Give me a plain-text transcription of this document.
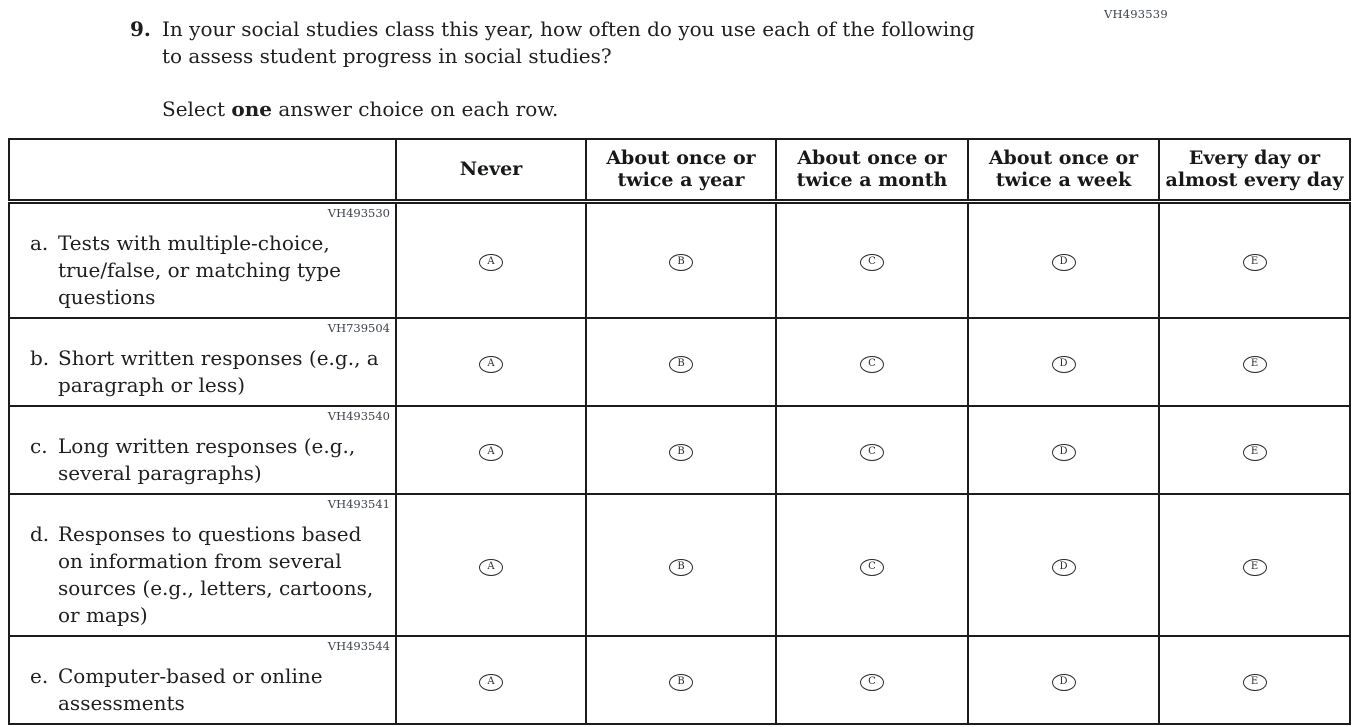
VH493539
9. In your social studies class this year, how often do you use each of the following to assess student progress in social studies?
Select one answer choice on each row.
	Never	About once or twice a year	About once or twice a month	About once or twice a week	Every day or almost every day

VH493530
a. Tests with multiple-choice, true/false, or matching type questions	A	B	C	D	E

VH739504
b. Short written responses (e.g., a paragraph or less)	A	B	C	D	E

VH493540
c. Long written responses (e.g., several paragraphs)	A	B	C	D	E

VH493541
d. Responses to questions based on information from several sources (e.g., letters, cartoons, or maps)	A	B	C	D	E

VH493544
e. Computer-based or online assessments	A	B	C	D	E
